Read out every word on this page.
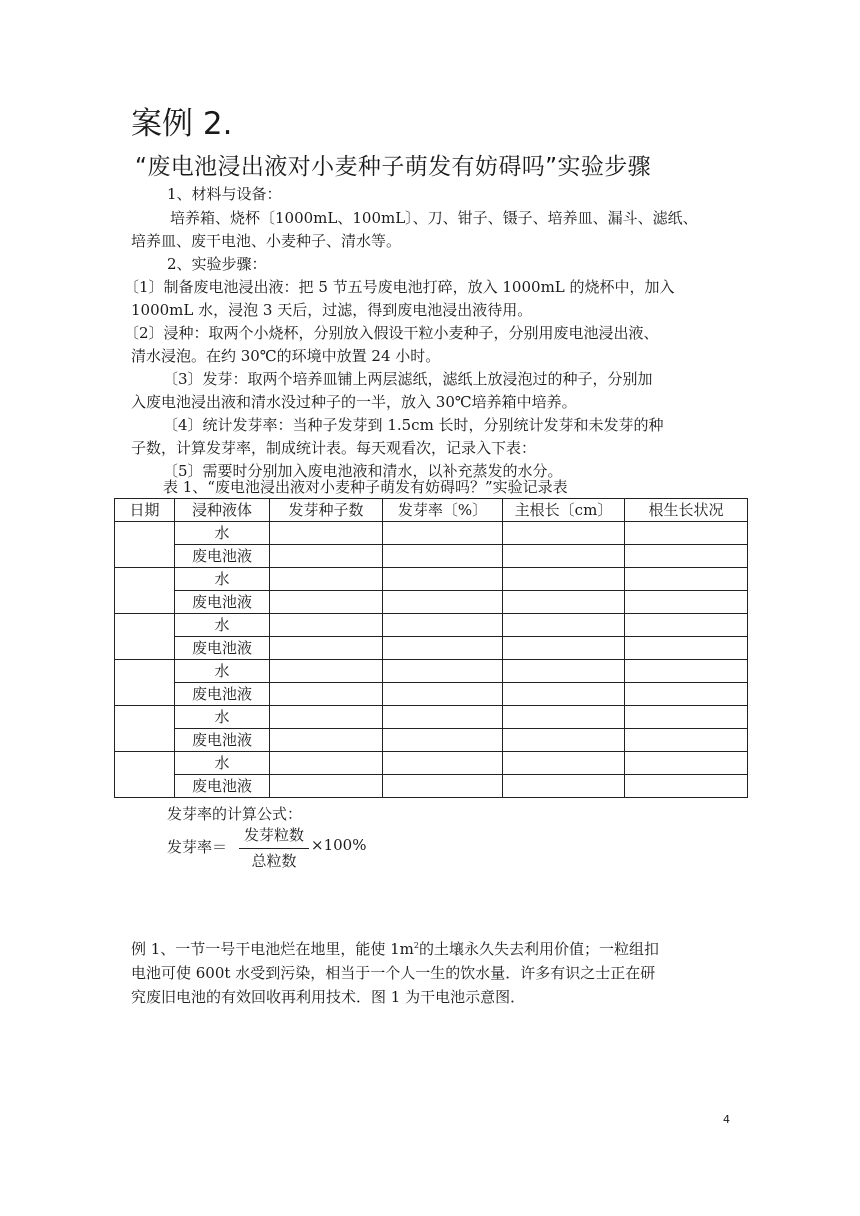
案例 2.
“废电池浸出液对小麦种子萌发有妨碍吗”实验步骤
1、材料与设备：
培养箱、烧杯〔1000mL、100mL〕、刀、钳子、镊子、培养皿、漏斗、滤纸、
培养皿、废干电池、小麦种子、清水等。
2、实验步骤：
〔1〕制备废电池浸出液：把 5 节五号废电池打碎，放入 1000mL 的烧杯中，加入
1000mL 水，浸泡 3 天后，过滤，得到废电池浸出液待用。
〔2〕浸种：取两个小烧杯，分别放入假设干粒小麦种子，分别用废电池浸出液、
清水浸泡。在约 30℃的环境中放置 24 小时。
〔3〕发芽：取两个培养皿铺上两层滤纸，滤纸上放浸泡过的种子，分别加
入废电池浸出液和清水没过种子的一半，放入 30℃培养箱中培养。
〔4〕统计发芽率：当种子发芽到 1.5cm 长时，分别统计发芽和未发芽的种
子数，计算发芽率，制成统计表。每天观看次，记录入下表：
〔5〕需要时分别加入废电池液和清水，以补充蒸发的水分。
表 1、“废电池浸出液对小麦种子萌发有妨碍吗？”实验记录表
日期	浸种液体	发芽种子数	发芽率〔%〕	主根长〔cm〕	根生长状况
	水				
	废电池液				
	水				
	废电池液				
	水				
	废电池液				
	水				
	废电池液				
	水				
	废电池液				
	水				
	废电池液				
发芽率的计算公式：
发芽率＝
发芽粒数
总粒数
×100%
例 1、一节一号干电池烂在地里，能使 $1m^2$的土壤永久失去利用价值；一粒组扣
电池可使 600t 水受到污染，相当于一个人一生的饮水量．许多有识之士正在研
究废旧电池的有效回收再利用技术．图 1 为干电池示意图．
4
